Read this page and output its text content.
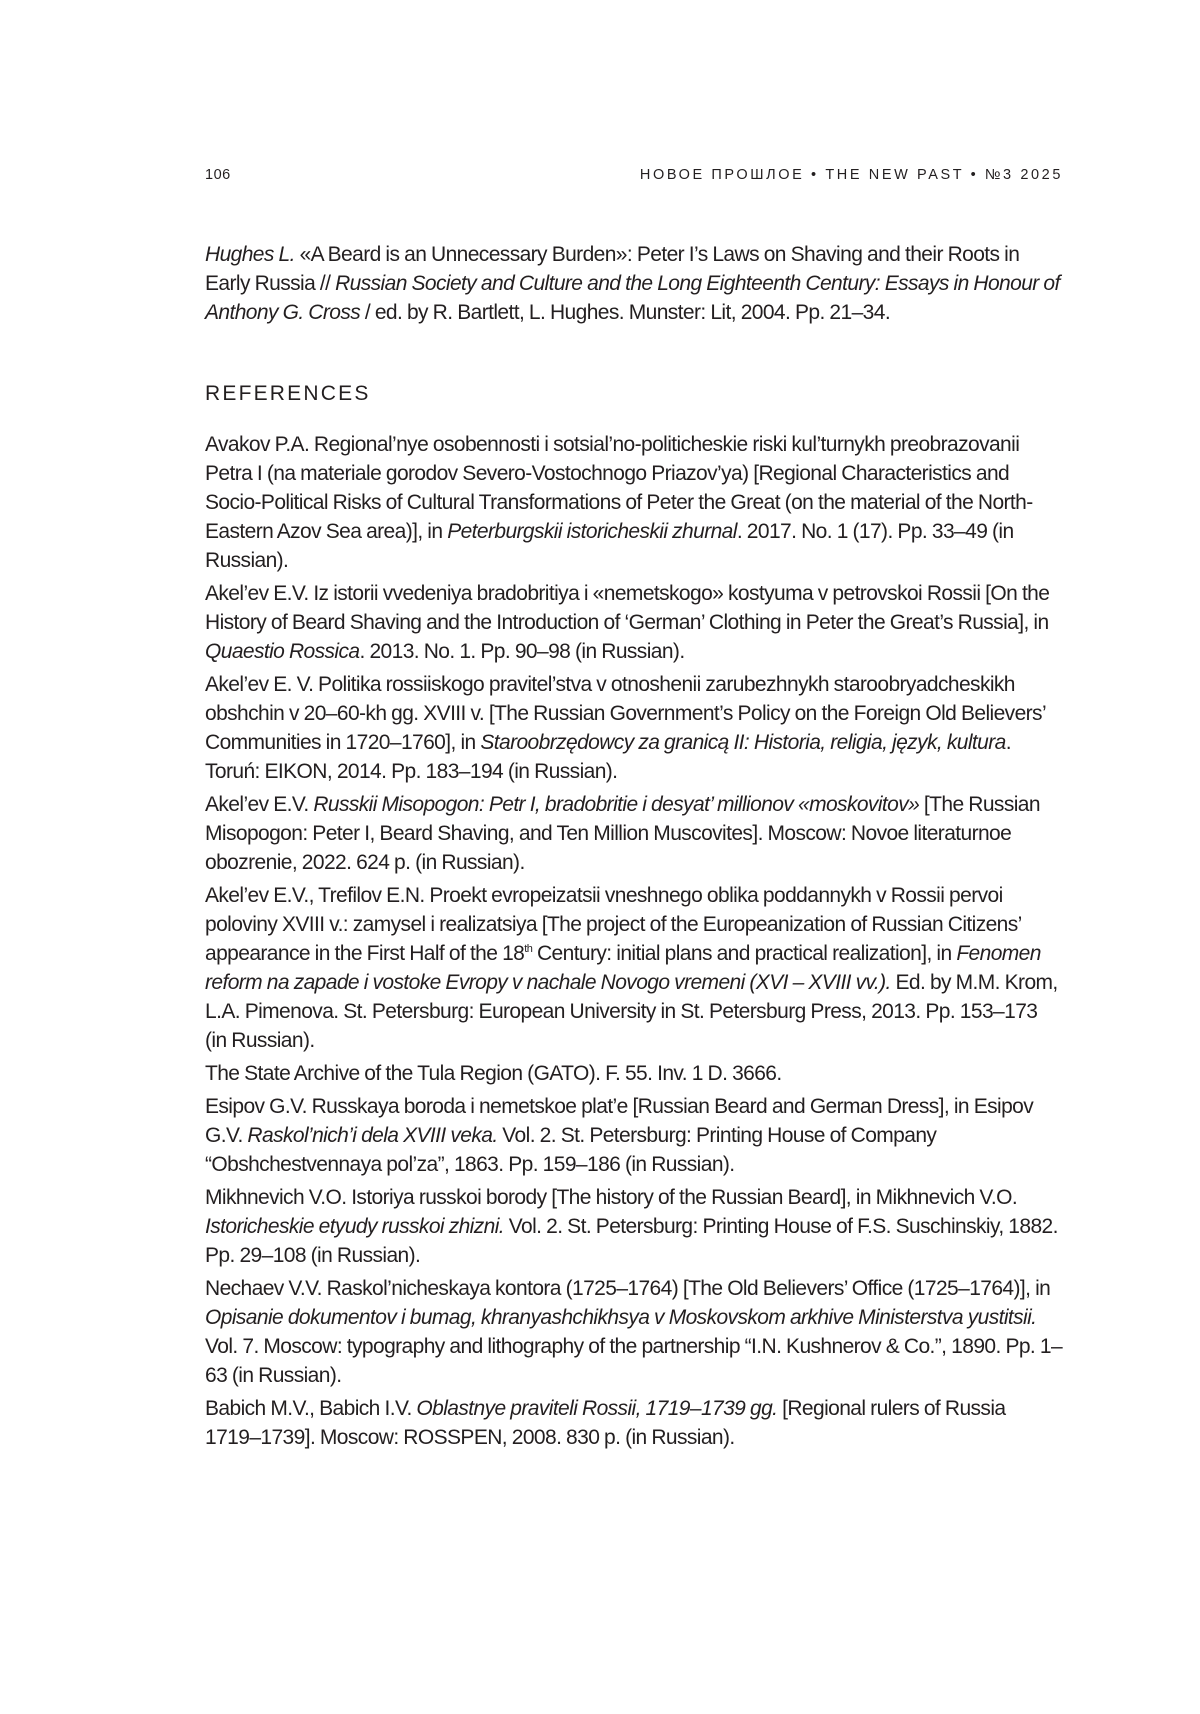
106	НОВОЕ ПРОШЛОЕ • THE NEW PAST • №3 2025

Hughes L. «A Beard is an Unnecessary Burden»: Peter I’s Laws on Shaving and their Roots in Early Russia // Russian Society and Culture and the Long Eighteenth Century: Essays in Honour of Anthony G. Cross / ed. by R. Bartlett, L. Hughes. Munster: Lit, 2004. Pp. 21–34.

REFERENCES

Avakov P.A. Regional’nye osobennosti i sotsial’no-politicheskie riski kul’turnykh preobrazovanii Petra I (na materiale gorodov Severo-Vostochnogo Priazov’ya) [Regional Characteristics and Socio-Political Risks of Cultural Transformations of Peter the Great (on the material of the North-Eastern Azov Sea area)], in Peterburgskii istoricheskii zhurnal. 2017. No. 1 (17). Pp. 33–49 (in Russian).

Akel’ev E.V. Iz istorii vvedeniya bradobritiya i «nemetskogo» kostyuma v petrovskoi Rossii [On the History of Beard Shaving and the Introduction of ‘German’ Clothing in Peter the Great’s Russia], in Quaestio Rossica. 2013. No. 1. Pp. 90–98 (in Russian).

Akel’ev E. V. Politika rossiiskogo pravitel’stva v otnoshenii zarubezhnykh staroobryadcheskikh obshchin v 20–60-kh gg. XVIII v. [The Russian Government’s Policy on the Foreign Old Believers’ Communities in 1720–1760], in Staroobrzędowcy za granicą II: Historia, religia, język, kultura. Toruń: EIKON, 2014. Pp. 183–194 (in Russian).

Akel’ev E.V. Russkii Misopogon: Petr I, bradobritie i desyat’ millionov «moskovitov» [The Russian Misopogon: Peter I, Beard Shaving, and Ten Million Muscovites]. Moscow: Novoe literaturnoe obozrenie, 2022. 624 p. (in Russian).

Akel’ev E.V., Trefilov E.N. Proekt evropeizatsii vneshnego oblika poddannykh v Rossii pervoi poloviny XVIII v.: zamysel i realizatsiya [The project of the Europeanization of Russian Citizens’ appearance in the First Half of the 18th Century: initial plans and practical realization], in Fenomen reform na zapade i vostoke Evropy v nachale Novogo vremeni (XVI – XVIII vv.). Ed. by M.M. Krom, L.A. Pimenova. St. Petersburg: European University in St. Petersburg Press, 2013. Pp. 153–173 (in Russian).

The State Archive of the Tula Region (GATO). F. 55. Inv. 1 D. 3666.

Esipov G.V. Russkaya boroda i nemetskoe plat’e [Russian Beard and German Dress], in Esipov G.V. Raskol’nich’i dela XVIII veka. Vol. 2. St. Petersburg: Printing House of Company “Obshchestvennaya pol’za”, 1863. Pp. 159–186 (in Russian).

Mikhnevich V.O. Istoriya russkoi borody [The history of the Russian Beard], in Mikhnevich V.O. Istoricheskie etyudy russkoi zhizni. Vol. 2. St. Petersburg: Printing House of F.S. Suschinskiy, 1882. Pp. 29–108 (in Russian).

Nechaev V.V. Raskol’nicheskaya kontora (1725–1764) [The Old Believers’ Office (1725–1764)], in Opisanie dokumentov i bumag, khranyashchikhsya v Moskovskom arkhive Ministerstva yustitsii. Vol. 7. Moscow: typography and lithography of the partnership “I.N. Kushnerov & Co.”, 1890. Pp. 1–63 (in Russian).

Babich M.V., Babich I.V. Oblastnye praviteli Rossii, 1719–1739 gg. [Regional rulers of Russia 1719–1739]. Moscow: ROSSPEN, 2008. 830 p. (in Russian).
